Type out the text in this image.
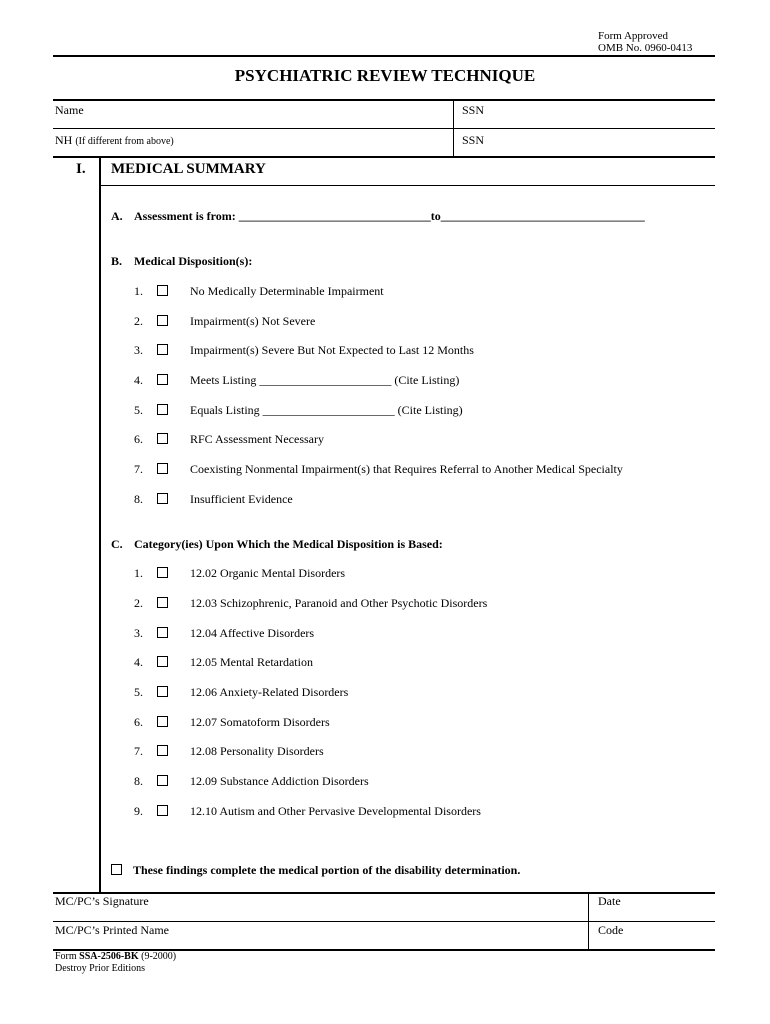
Form Approved
OMB No. 0960-0413
PSYCHIATRIC REVIEW TECHNIQUE
Name	SSN
NH (If different from above)	SSN
I. MEDICAL SUMMARY
A. Assessment is from: ________________________________to__________________________________
B. Medical Disposition(s):
1.	No Medically Determinable Impairment
2.	Impairment(s) Not Severe
3.	Impairment(s) Severe But Not Expected to Last 12 Months
4.	Meets Listing ______________________ (Cite Listing)
5.	Equals Listing ______________________ (Cite Listing)
6.	RFC Assessment Necessary
7.	Coexisting Nonmental Impairment(s) that Requires Referral to Another Medical Specialty
8.	Insufficient Evidence
C. Category(ies) Upon Which the Medical Disposition is Based:
1.	12.02 Organic Mental Disorders
2.	12.03 Schizophrenic, Paranoid and Other Psychotic Disorders
3.	12.04 Affective Disorders
4.	12.05 Mental Retardation
5.	12.06 Anxiety-Related Disorders
6.	12.07 Somatoform Disorders
7.	12.08 Personality Disorders
8.	12.09 Substance Addiction Disorders
9.	12.10 Autism and Other Pervasive Developmental Disorders
These findings complete the medical portion of the disability determination.
MC/PC’s Signature	Date
MC/PC’s Printed Name	Code
Form SSA-2506-BK (9-2000)
Destroy Prior Editions
